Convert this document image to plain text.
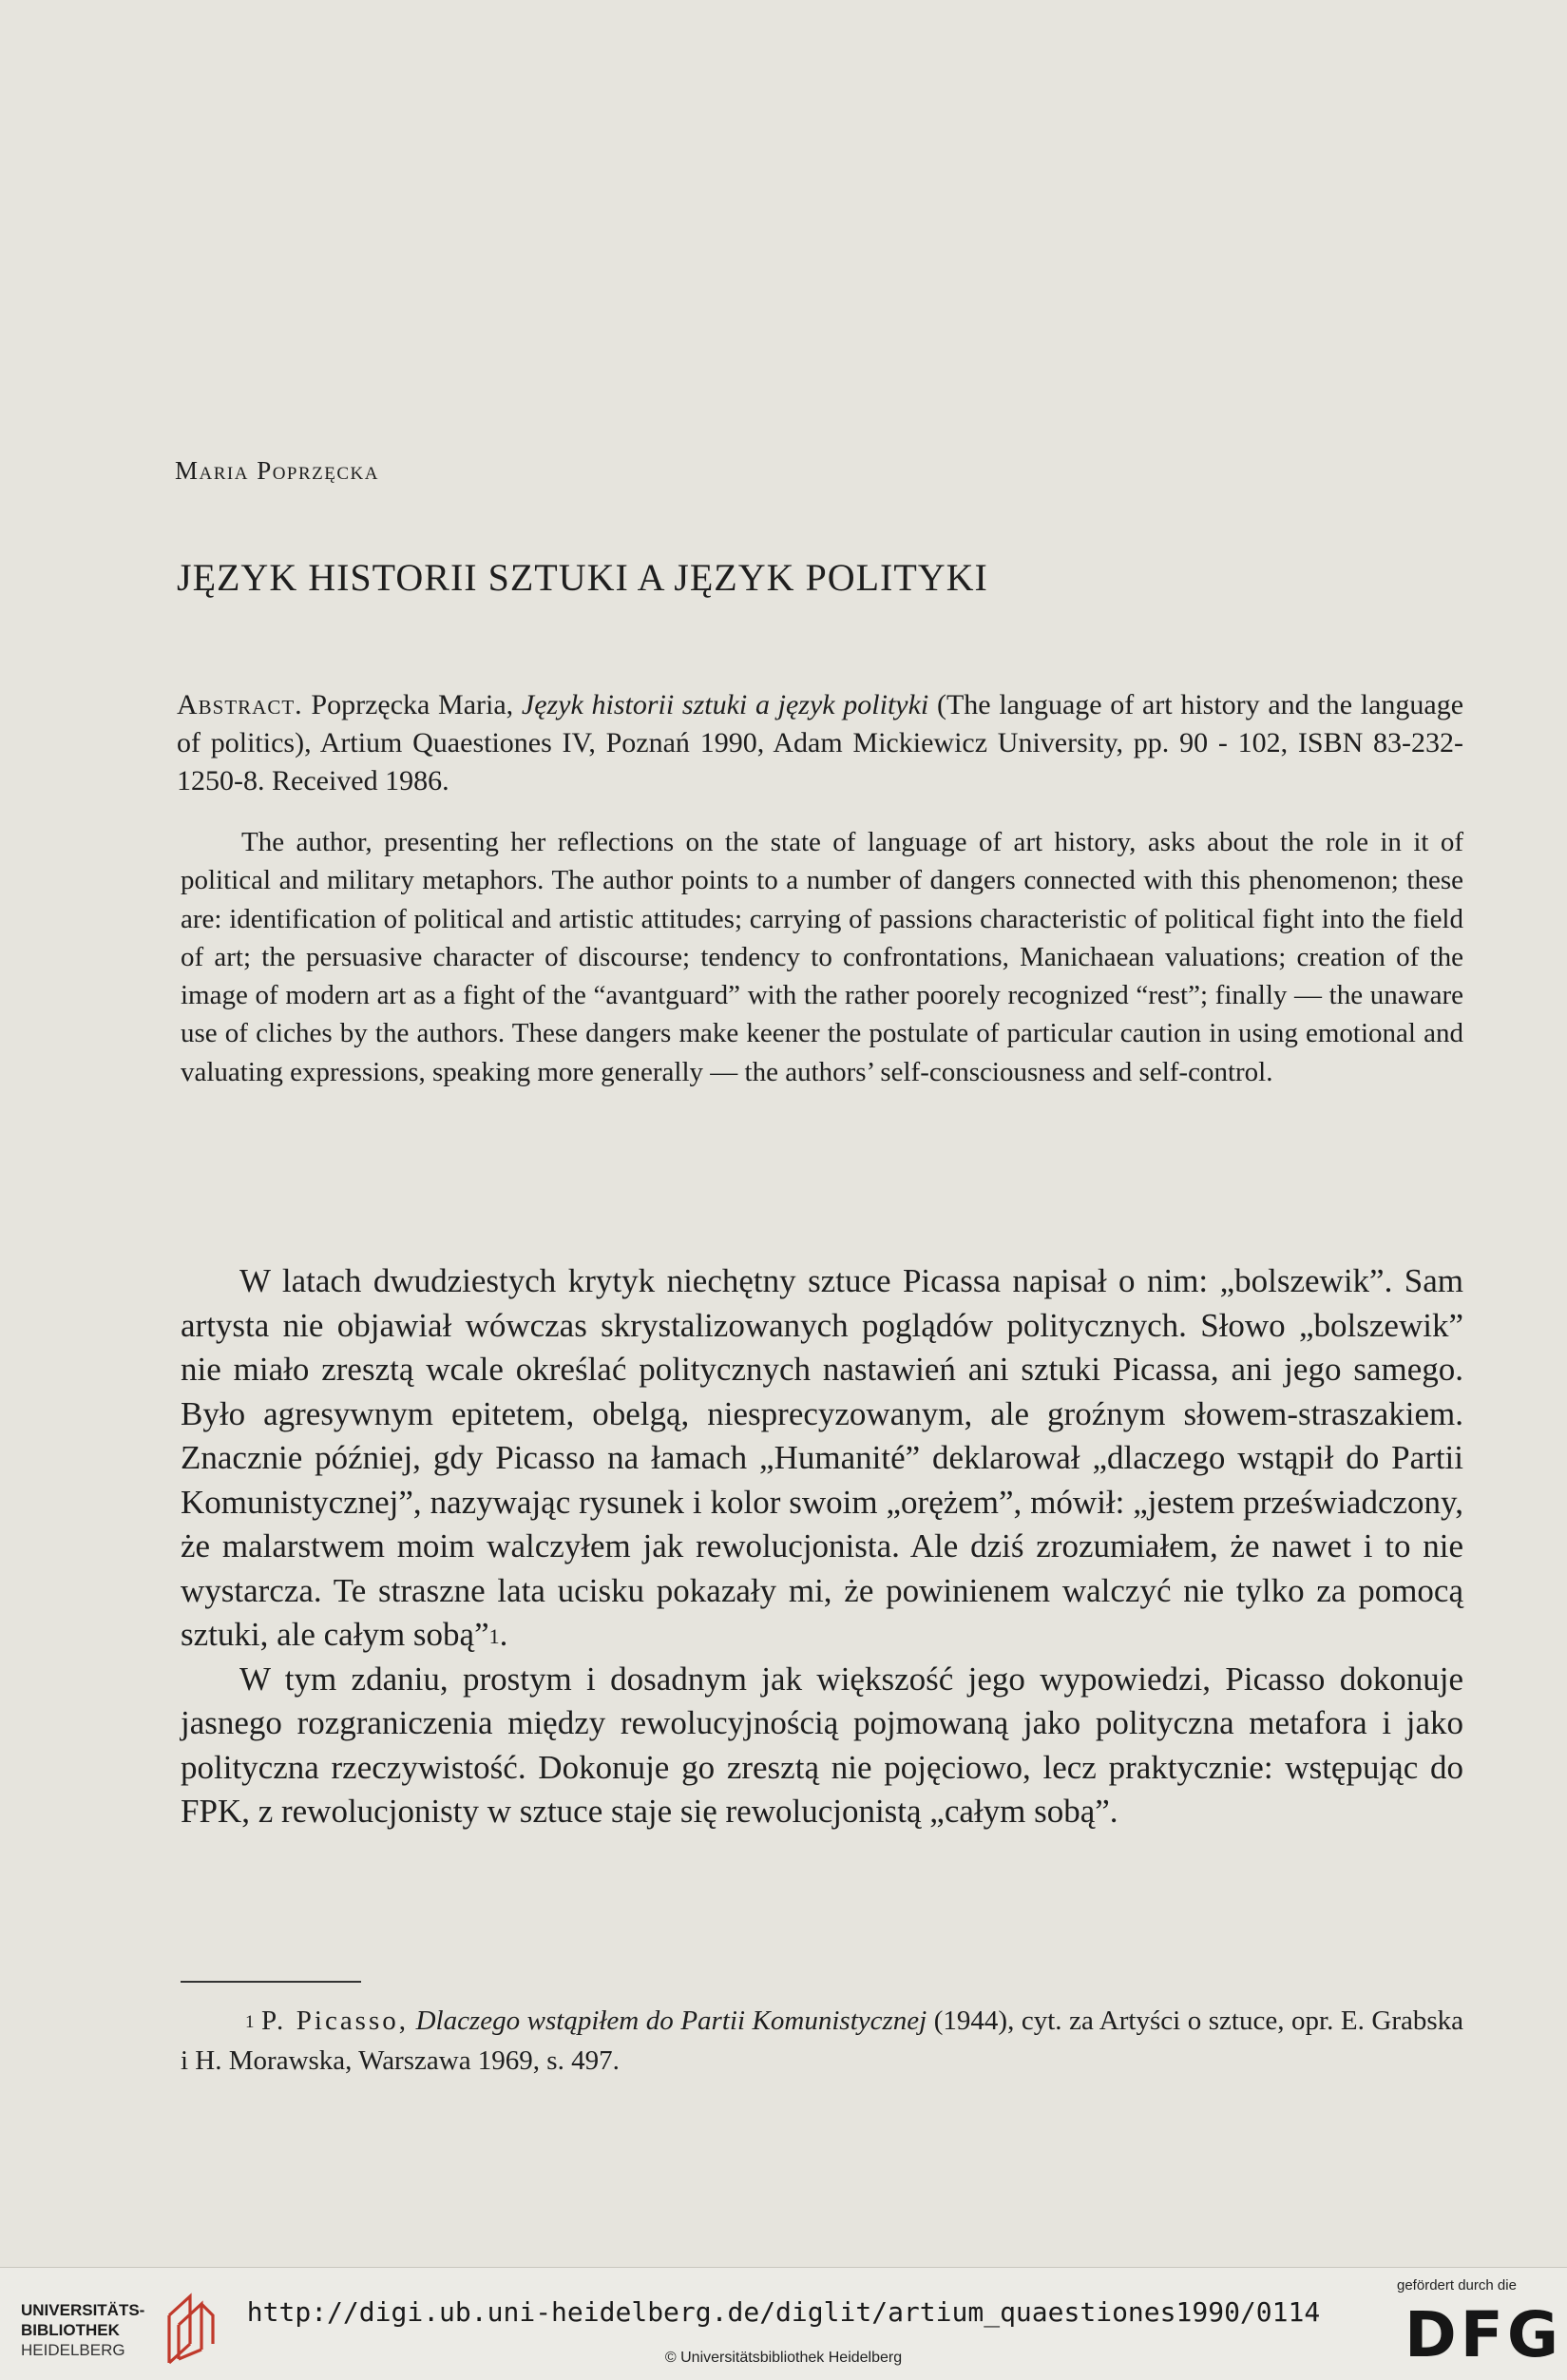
Maria Poprzęcka
JĘZYK HISTORII SZTUKI A JĘZYK POLITYKI
Abstract. Poprzęcka Maria, Język historii sztuki a język polityki (The language of art history and the language of politics), Artium Quaestiones IV, Poznań 1990, Adam Mickiewicz University, pp. 90 - 102, ISBN 83-232-1250-8. Received 1986.

The author, presenting her reflections on the state of language of art history, asks about the role in it of political and military metaphors. The author points to a number of dangers connected with this phenomenon; these are: identification of political and artistic attitudes; carrying of passions characteristic of political fight into the field of art; the persuasive character of discourse; tendency to confrontations, Manichaean valuations; creation of the image of modern art as a fight of the “avantguard” with the rather poorely recognized “rest”; finally — the unaware use of cliches by the authors. These dangers make keener the postulate of particular caution in using emotional and valuating expressions, speaking more generally — the authors’ self-consciousness and self-control.

W latach dwudziestych krytyk niechętny sztuce Picassa napisał o nim: „bolszewik”. Sam artysta nie objawiał wówczas skrystalizowanych poglądów politycznych. Słowo „bolszewik” nie miało zresztą wcale określać politycznych nastawień ani sztuki Picassa, ani jego samego. Było agresywnym epitetem, obelgą, niesprecyzowanym, ale groźnym słowem-straszakiem. Znacznie później, gdy Picasso na łamach „Humanité” deklarował „dlaczego wstąpił do Partii Komunistycznej”, nazywając rysunek i kolor swoim „orężem”, mówił: „jestem przeświadczony, że malarstwem moim walczyłem jak rewolucjonista. Ale dziś zrozumiałem, że nawet i to nie wystarcza. Te straszne lata ucisku pokazały mi, że powinienem walczyć nie tylko za pomocą sztuki, ale całym sobą”$^1$.

W tym zdaniu, prostym i dosadnym jak większość jego wypowiedzi, Picasso dokonuje jasnego rozgraniczenia między rewolucyjnością pojmowaną jako polityczna metafora i jako polityczna rzeczywistość. Dokonuje go zresztą nie pojęciowo, lecz praktycznie: wstępując do FPK, z rewolucjonisty w sztuce staje się rewolucjonistą „całym sobą”.

$^1$ P. Picasso, Dlaczego wstąpiłem do Partii Komunistycznej (1944), cyt. za Artyści o sztuce, opr. E. Grabska i H. Morawska, Warszawa 1969, s. 497.
UNIVERSITÄTS-
BIBLIOTHEK
HEIDELBERG
http://digi.ub.uni-heidelberg.de/diglit/artium_quaestiones1990/0114
© Universitätsbibliothek Heidelberg
gefördert durch die
DFG
